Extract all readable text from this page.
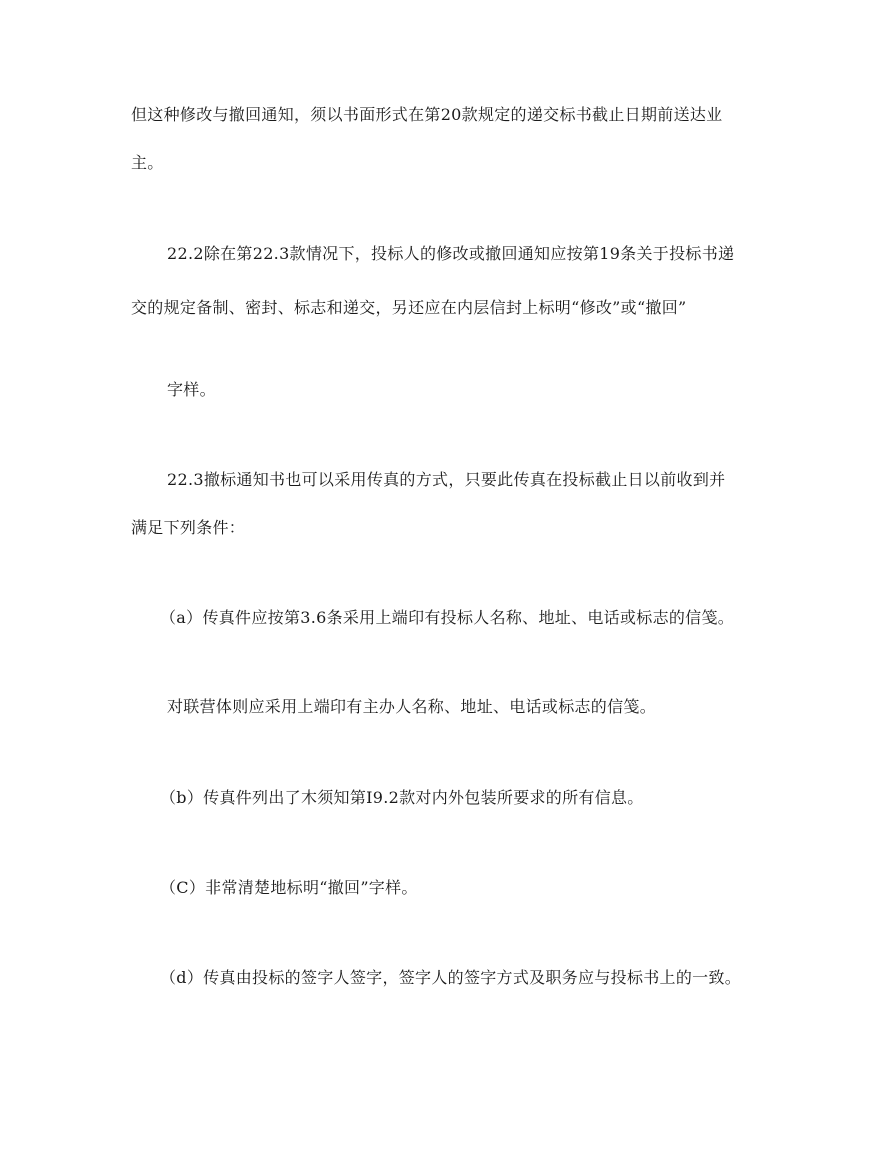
但这种修改与撤回通知，须以书面形式在第20款规定的递交标书截止日期前送达业
主。
22.2除在第22.3款情况下，投标人的修改或撤回通知应按第19条关于投标书递
交的规定备制、密封、标志和递交，另还应在内层信封上标明“修改”或“撤回”
字样。
22.3撤标通知书也可以采用传真的方式，只要此传真在投标截止日以前收到并
满足下列条件：
（a）传真件应按第3.6条采用上端印有投标人名称、地址、电话或标志的信笺。
对联营体则应采用上端印有主办人名称、地址、电话或标志的信笺。
（b）传真件列出了木须知第I9.2款对内外包装所要求的所有信息。
（C）非常清楚地标明“撤回”字样。
（d）传真由投标的签字人签字，签字人的签字方式及职务应与投标书上的一致。
